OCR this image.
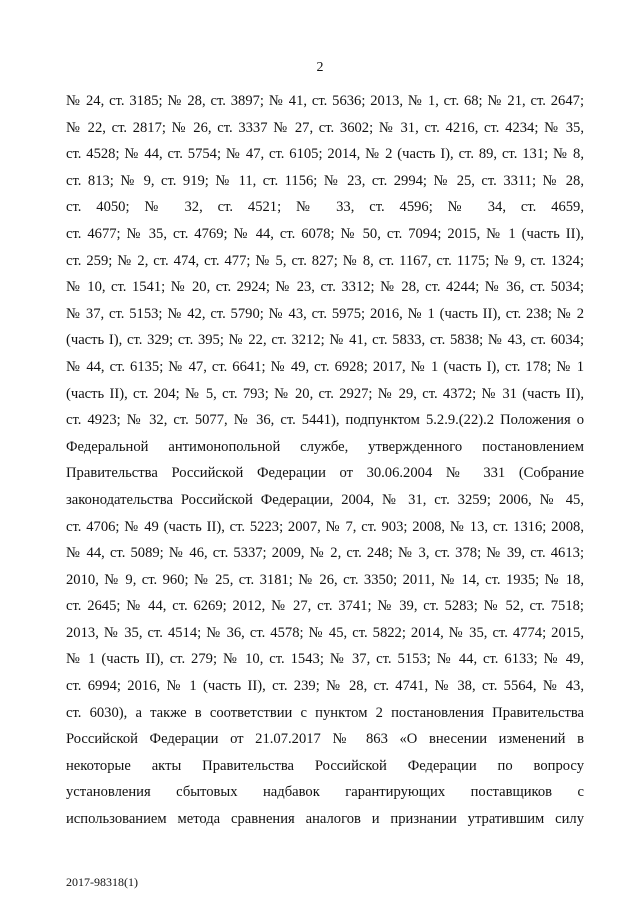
2
№ 24, ст. 3185; № 28, ст. 3897; № 41, ст. 5636; 2013, № 1, ст. 68; № 21, ст. 2647;
№ 22, ст. 2817; № 26, ст. 3337 № 27, ст. 3602; № 31, ст. 4216, ст. 4234; № 35,
ст. 4528; № 44, ст. 5754; № 47, ст. 6105; 2014, № 2 (часть I), ст. 89, ст. 131; № 8,
ст. 813; № 9, ст. 919; № 11, ст. 1156; № 23, ст. 2994; № 25, ст. 3311; № 28,
ст. 4050; № 32, ст. 4521; № 33, ст. 4596; № 34, ст. 4659,
ст. 4677; № 35, ст. 4769; № 44, ст. 6078; № 50, ст. 7094; 2015, № 1 (часть II),
ст. 259; № 2, ст. 474, ст. 477; № 5, ст. 827; № 8, ст. 1167, ст. 1175; № 9, ст. 1324;
№ 10, ст. 1541; № 20, ст. 2924; № 23, ст. 3312; № 28, ст. 4244; № 36, ст. 5034;
№ 37, ст. 5153; № 42, ст. 5790; № 43, ст. 5975; 2016, № 1 (часть II), ст. 238; № 2
(часть I), ст. 329; ст. 395; № 22, ст. 3212; № 41, ст. 5833, ст. 5838; № 43, ст. 6034;
№ 44, ст. 6135; № 47, ст. 6641; № 49, ст. 6928; 2017, № 1 (часть I), ст. 178; № 1
(часть II), ст. 204; № 5, ст. 793; № 20, ст. 2927; № 29, ст. 4372; № 31 (часть II),
ст. 4923; № 32, ст. 5077, № 36, ст. 5441), подпунктом 5.2.9.(22).2 Положения о
Федеральной антимонопольной службе, утвержденного постановлением
Правительства Российской Федерации от 30.06.2004 № 331 (Собрание
законодательства Российской Федерации, 2004, № 31, ст. 3259; 2006, № 45,
ст. 4706; № 49 (часть II), ст. 5223; 2007, № 7, ст. 903; 2008, № 13, ст. 1316; 2008,
№ 44, ст. 5089; № 46, ст. 5337; 2009, № 2, ст. 248; № 3, ст. 378; № 39, ст. 4613;
2010, № 9, ст. 960; № 25, ст. 3181; № 26, ст. 3350; 2011, № 14, ст. 1935; № 18,
ст. 2645; № 44, ст. 6269; 2012, № 27, ст. 3741; № 39, ст. 5283; № 52, ст. 7518;
2013, № 35, ст. 4514; № 36, ст. 4578; № 45, ст. 5822; 2014, № 35, ст. 4774; 2015,
№ 1 (часть II), ст. 279; № 10, ст. 1543; № 37, ст. 5153; № 44, ст. 6133; № 49,
ст. 6994; 2016, № 1 (часть II), ст. 239; № 28, ст. 4741, № 38, ст. 5564, № 43,
ст. 6030), а также в соответствии с пунктом 2 постановления Правительства
Российской Федерации от 21.07.2017 № 863 «О внесении изменений в
некоторые акты Правительства Российской Федерации по вопросу
установления сбытовых надбавок гарантирующих поставщиков с
использованием метода сравнения аналогов и признании утратившим силу
2017-98318(1)
